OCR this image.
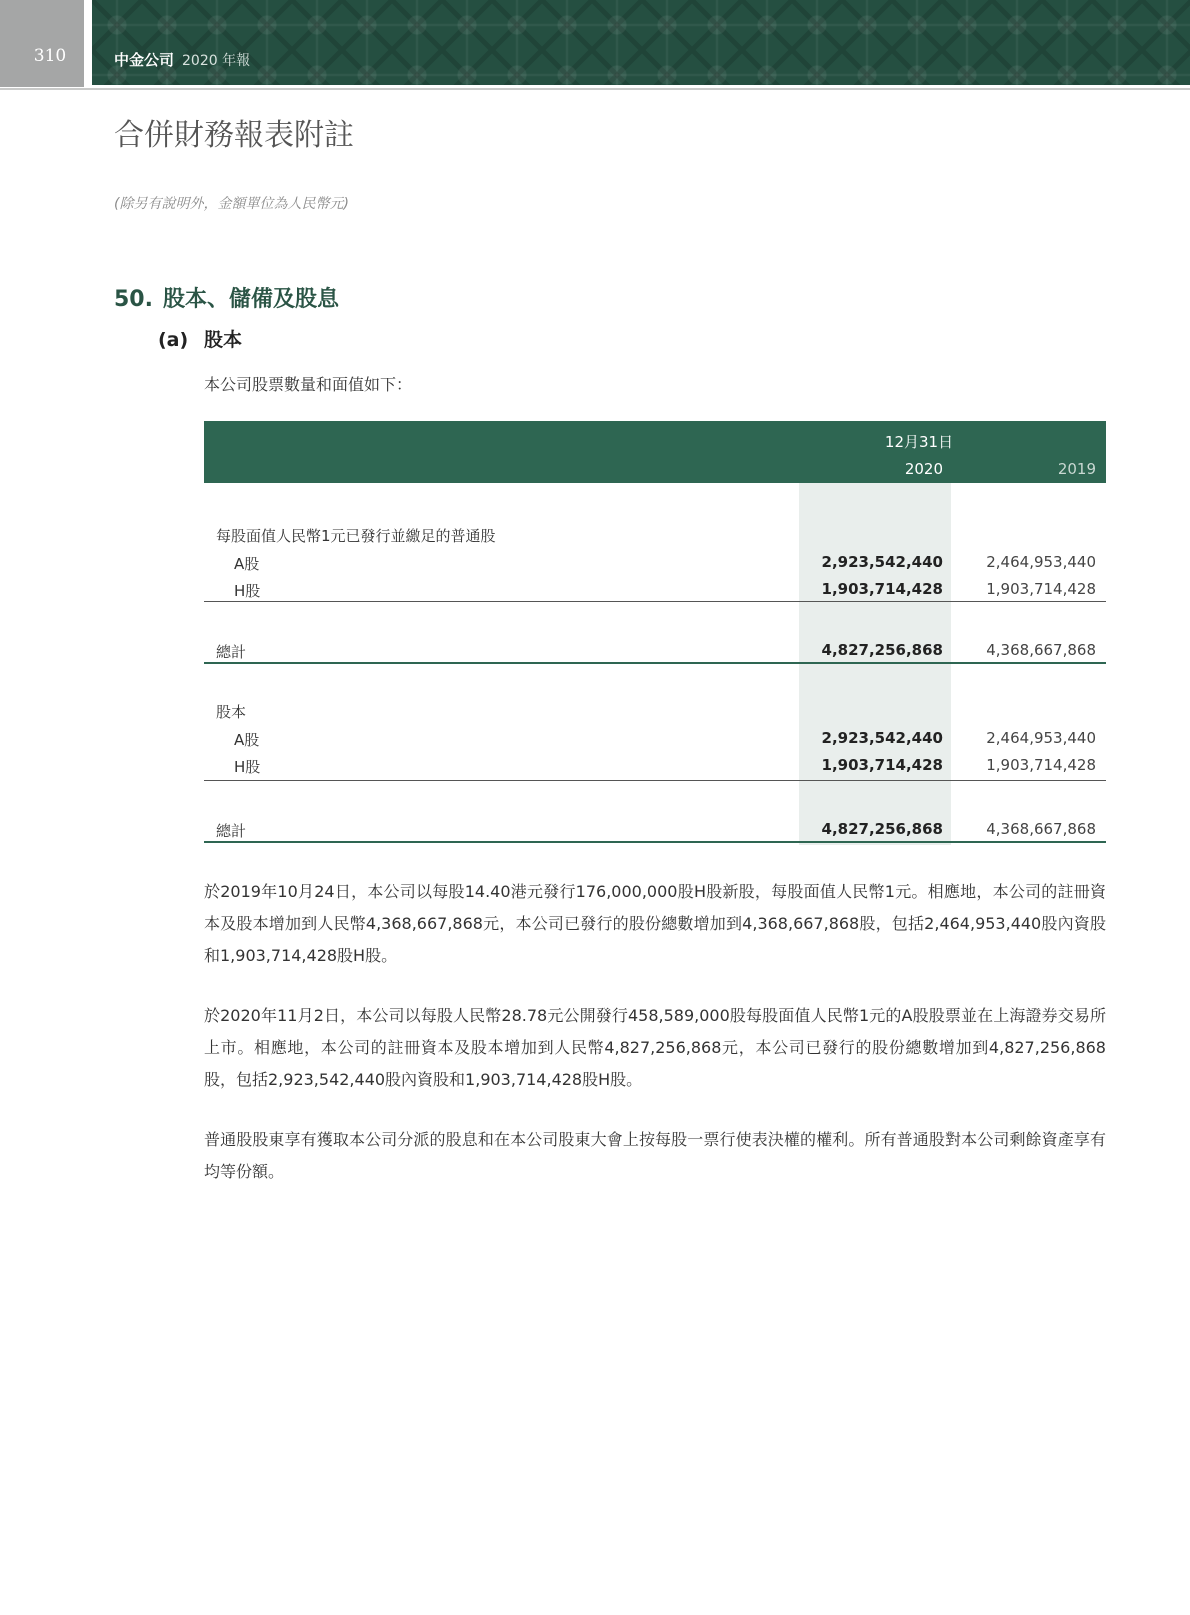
310	中金公司 2020 年報
合併財務報表附註
(除另有說明外，金額單位為人民幣元)
50. 股本、儲備及股息
(a) 股本
本公司股票數量和面值如下：
12月31日
2020	2019
每股面值人民幣1元已發行並繳足的普通股
A股	2,923,542,440	2,464,953,440
H股	1,903,714,428	1,903,714,428
總計	4,827,256,868	4,368,667,868
股本
A股	2,923,542,440	2,464,953,440
H股	1,903,714,428	1,903,714,428
總計	4,827,256,868	4,368,667,868

於2019年10月24日，本公司以每股14.40港元發行176,000,000股H股新股，每股面值人民幣1元。相應地，本公司的註冊資本及股本增加到人民幣4,368,667,868元，本公司已發行的股份總數增加到4,368,667,868股，包括2,464,953,440股內資股和1,903,714,428股H股。

於2020年11月2日，本公司以每股人民幣28.78元公開發行458,589,000股每股面值人民幣1元的A股股票並在上海證券交易所上市。相應地，本公司的註冊資本及股本增加到人民幣4,827,256,868元，本公司已發行的股份總數增加到4,827,256,868股，包括2,923,542,440股內資股和1,903,714,428股H股。

普通股股東享有獲取本公司分派的股息和在本公司股東大會上按每股一票行使表決權的權利。所有普通股對本公司剩餘資產享有均等份額。
